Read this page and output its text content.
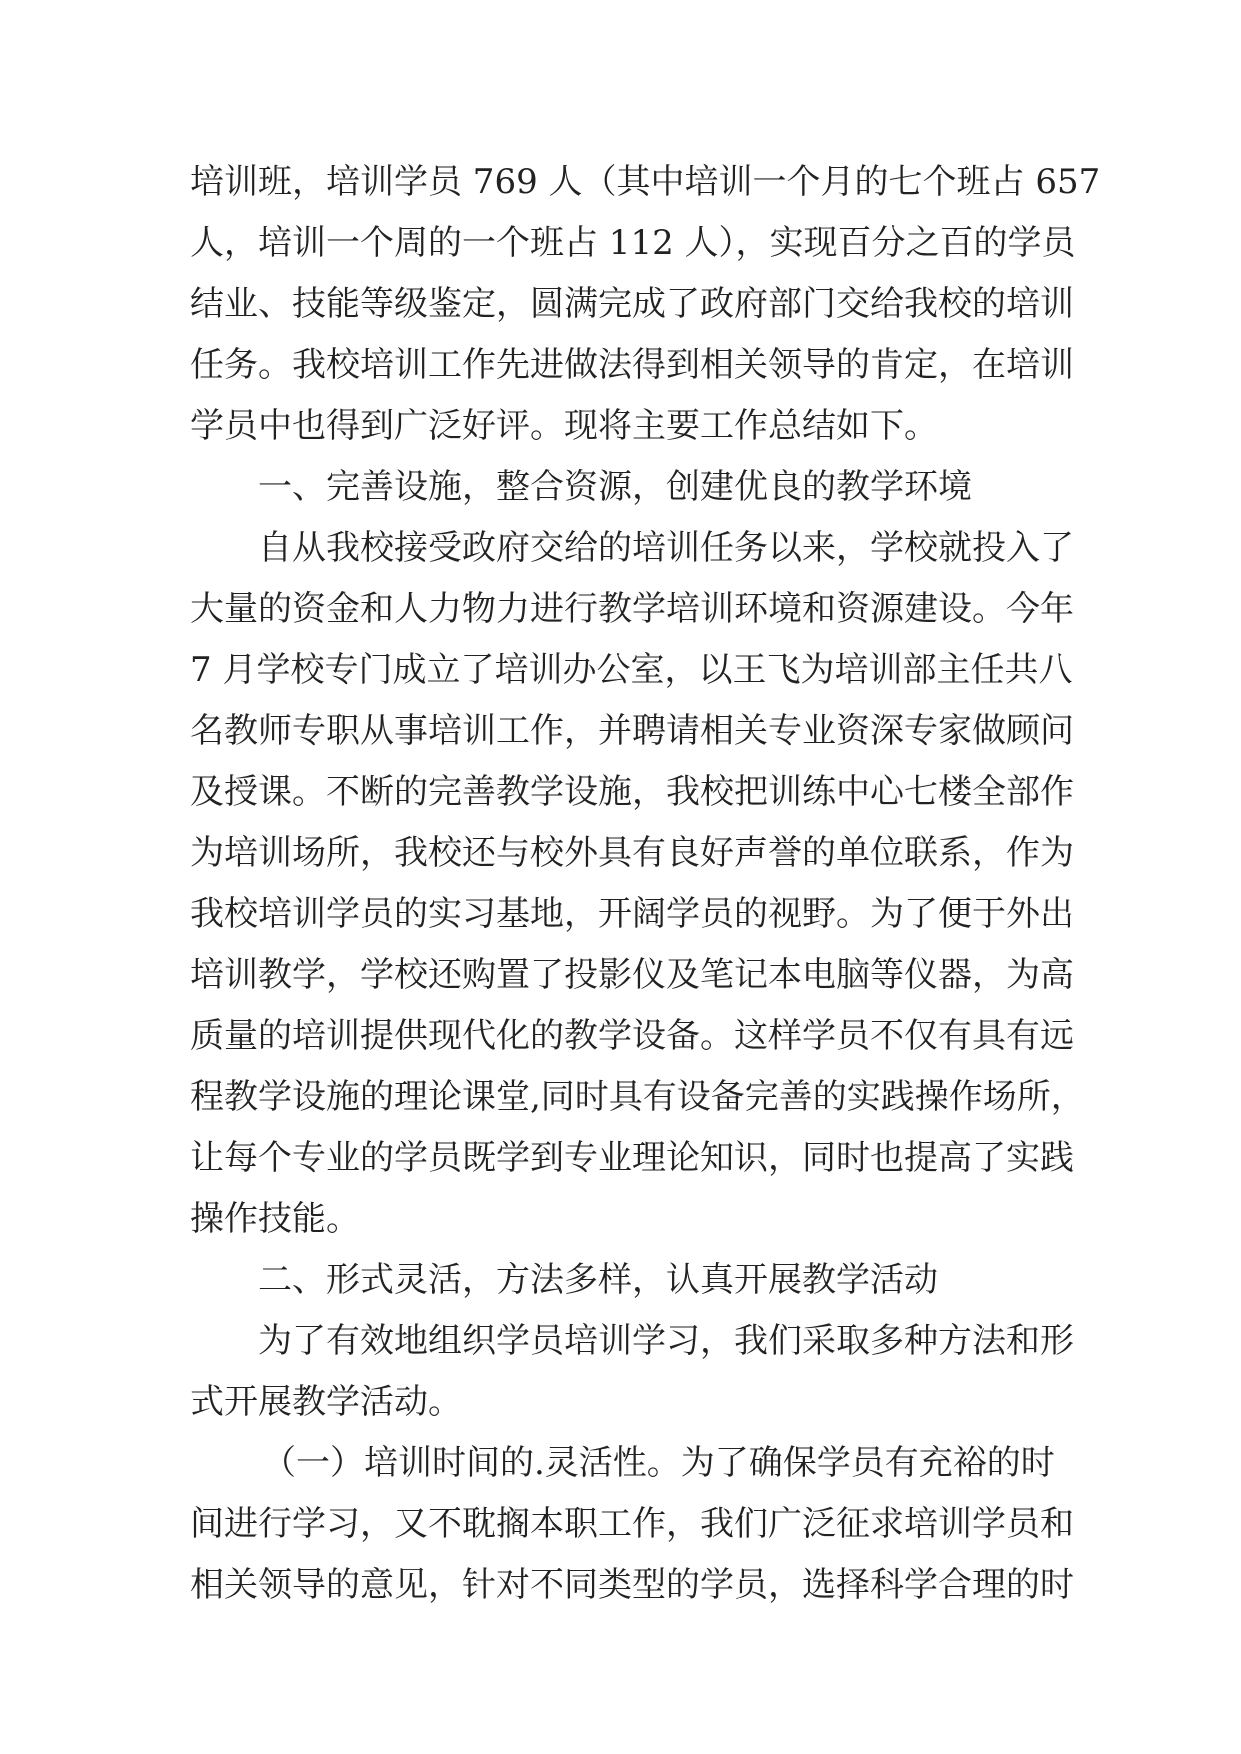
培训班，培训学员 769 人（其中培训一个月的七个班占 657
人，培训一个周的一个班占 112 人），实现百分之百的学员
结业、技能等级鉴定，圆满完成了政府部门交给我校的培训
任务。我校培训工作先进做法得到相关领导的肯定，在培训
学员中也得到广泛好评。现将主要工作总结如下。
一、完善设施，整合资源，创建优良的教学环境
自从我校接受政府交给的培训任务以来，学校就投入了
大量的资金和人力物力进行教学培训环境和资源建设。今年
7 月学校专门成立了培训办公室，以王飞为培训部主任共八
名教师专职从事培训工作，并聘请相关专业资深专家做顾问
及授课。不断的完善教学设施，我校把训练中心七楼全部作
为培训场所，我校还与校外具有良好声誉的单位联系，作为
我校培训学员的实习基地，开阔学员的视野。为了便于外出
培训教学，学校还购置了投影仪及笔记本电脑等仪器，为高
质量的培训提供现代化的教学设备。这样学员不仅有具有远
程教学设施的理论课堂,同时具有设备完善的实践操作场所，
让每个专业的学员既学到专业理论知识，同时也提高了实践
操作技能。
二、形式灵活，方法多样，认真开展教学活动
为了有效地组织学员培训学习，我们采取多种方法和形
式开展教学活动。
（一）培训时间的.灵活性。为了确保学员有充裕的时
间进行学习，又不耽搁本职工作，我们广泛征求培训学员和
相关领导的意见，针对不同类型的学员，选择科学合理的时
